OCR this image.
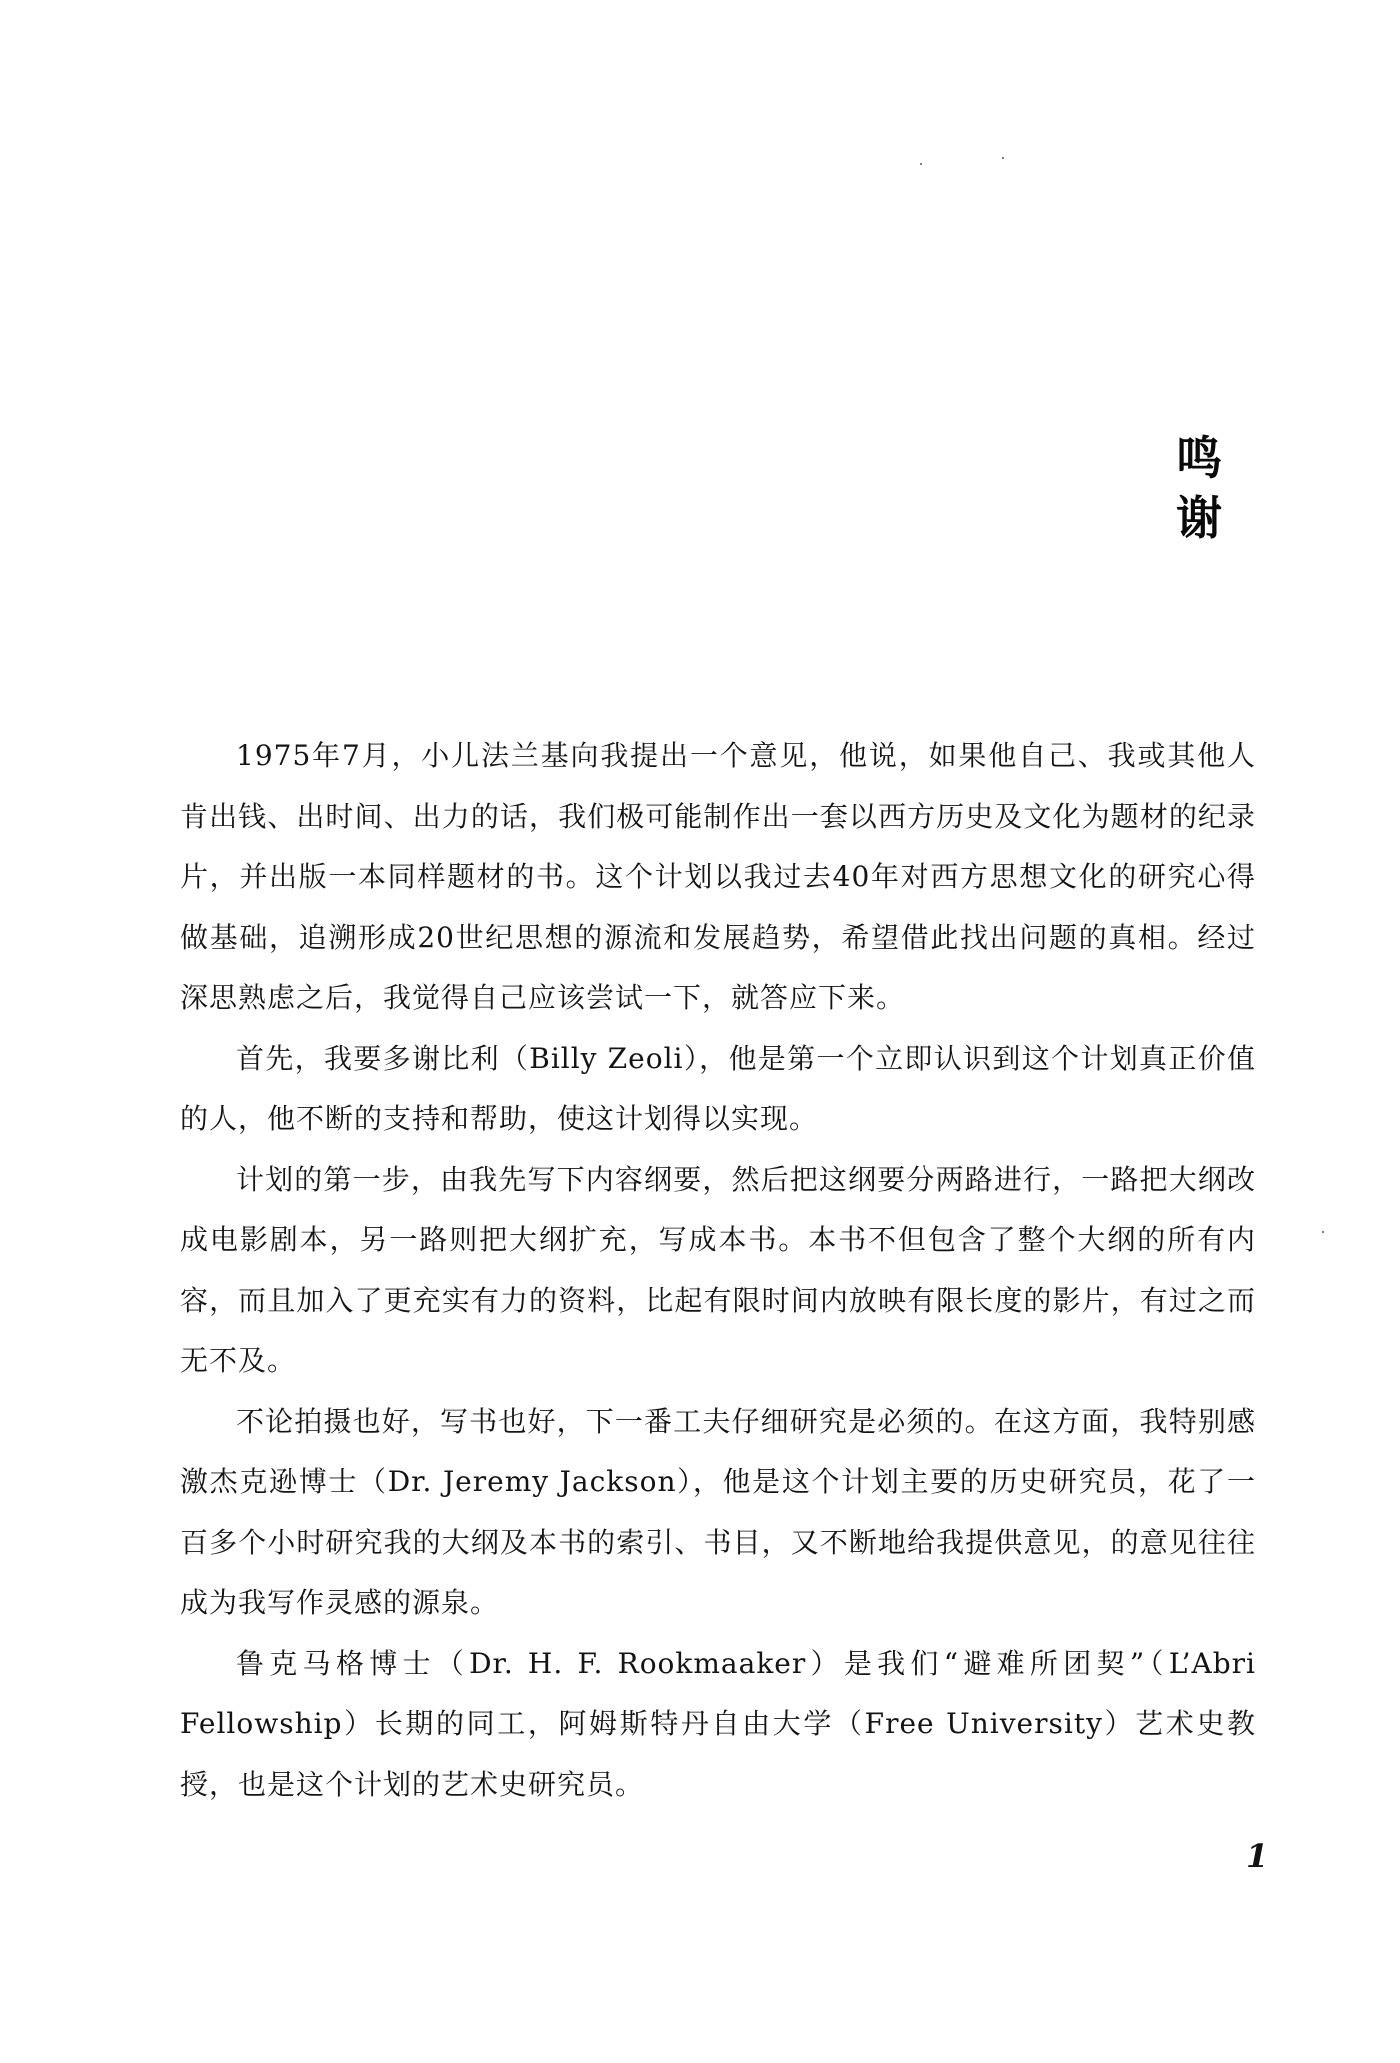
鸣 谢

1975年7月，小儿法兰基向我提出一个意见，他说，如果他自己、我或其他人肯出钱、出时间、出力的话，我们极可能制作出一套以西方历史及文化为题材的纪录片，并出版一本同样题材的书。这个计划以我过去40年对西方思想文化的研究心得做基础，追溯形成20世纪思想的源流和发展趋势，希望借此找出问题的真相。经过深思熟虑之后，我觉得自己应该尝试一下，就答应下来。

首先，我要多谢比利（Billy Zeoli），他是第一个立即认识到这个计划真正价值的人，他不断的支持和帮助，使这计划得以实现。

计划的第一步，由我先写下内容纲要，然后把这纲要分两路进行，一路把大纲改成电影剧本，另一路则把大纲扩充，写成本书。本书不但包含了整个大纲的所有内容，而且加入了更充实有力的资料，比起有限时间内放映有限长度的影片，有过之而无不及。

不论拍摄也好，写书也好，下一番工夫仔细研究是必须的。在这方面，我特别感激杰克逊博士（Dr. Jeremy Jackson），他是这个计划主要的历史研究员，花了一百多个小时研究我的大纲及本书的索引、书目，又不断地给我提供意见，的意见往往成为我写作灵感的源泉。

鲁克马格博士（Dr. H. F. Rookmaaker）是我们“避难所团契”（L’Abri Fellowship）长期的同工，阿姆斯特丹自由大学（Free University）艺术史教授，也是这个计划的艺术史研究员。

1
